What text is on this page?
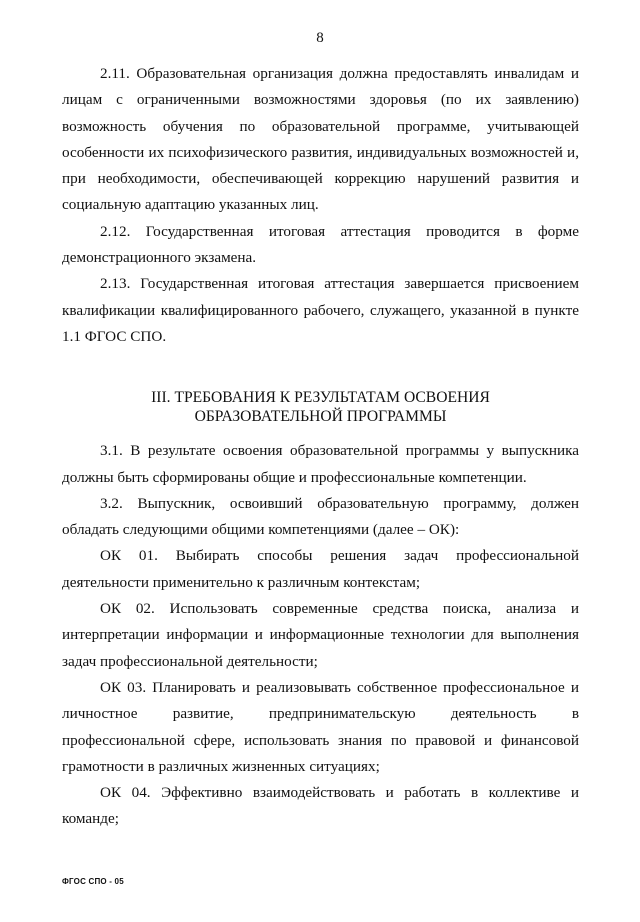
8

2.11. Образовательная организация должна предоставлять инвалидам и лицам с ограниченными возможностями здоровья (по их заявлению) возможность обучения по образовательной программе, учитывающей особенности их психофизического развития, индивидуальных возможностей и, при необходимости, обеспечивающей коррекцию нарушений развития и социальную адаптацию указанных лиц.

2.12. Государственная итоговая аттестация проводится в форме демонстрационного экзамена.

2.13. Государственная итоговая аттестация завершается присвоением квалификации квалифицированного рабочего, служащего, указанной в пункте 1.1 ФГОС СПО.

III. ТРЕБОВАНИЯ К РЕЗУЛЬТАТАМ ОСВОЕНИЯ ОБРАЗОВАТЕЛЬНОЙ ПРОГРАММЫ

3.1. В результате освоения образовательной программы у выпускника должны быть сформированы общие и профессиональные компетенции.

3.2. Выпускник, освоивший образовательную программу, должен обладать следующими общими компетенциями (далее – ОК):

ОК 01. Выбирать способы решения задач профессиональной деятельности применительно к различным контекстам;

ОК 02. Использовать современные средства поиска, анализа и интерпретации информации и информационные технологии для выполнения задач профессиональной деятельности;

ОК 03. Планировать и реализовывать собственное профессиональное и личностное развитие, предпринимательскую деятельность в профессиональной сфере, использовать знания по правовой и финансовой грамотности в различных жизненных ситуациях;

ОК 04. Эффективно взаимодействовать и работать в коллективе и команде;

ФГОС СПО - 05
